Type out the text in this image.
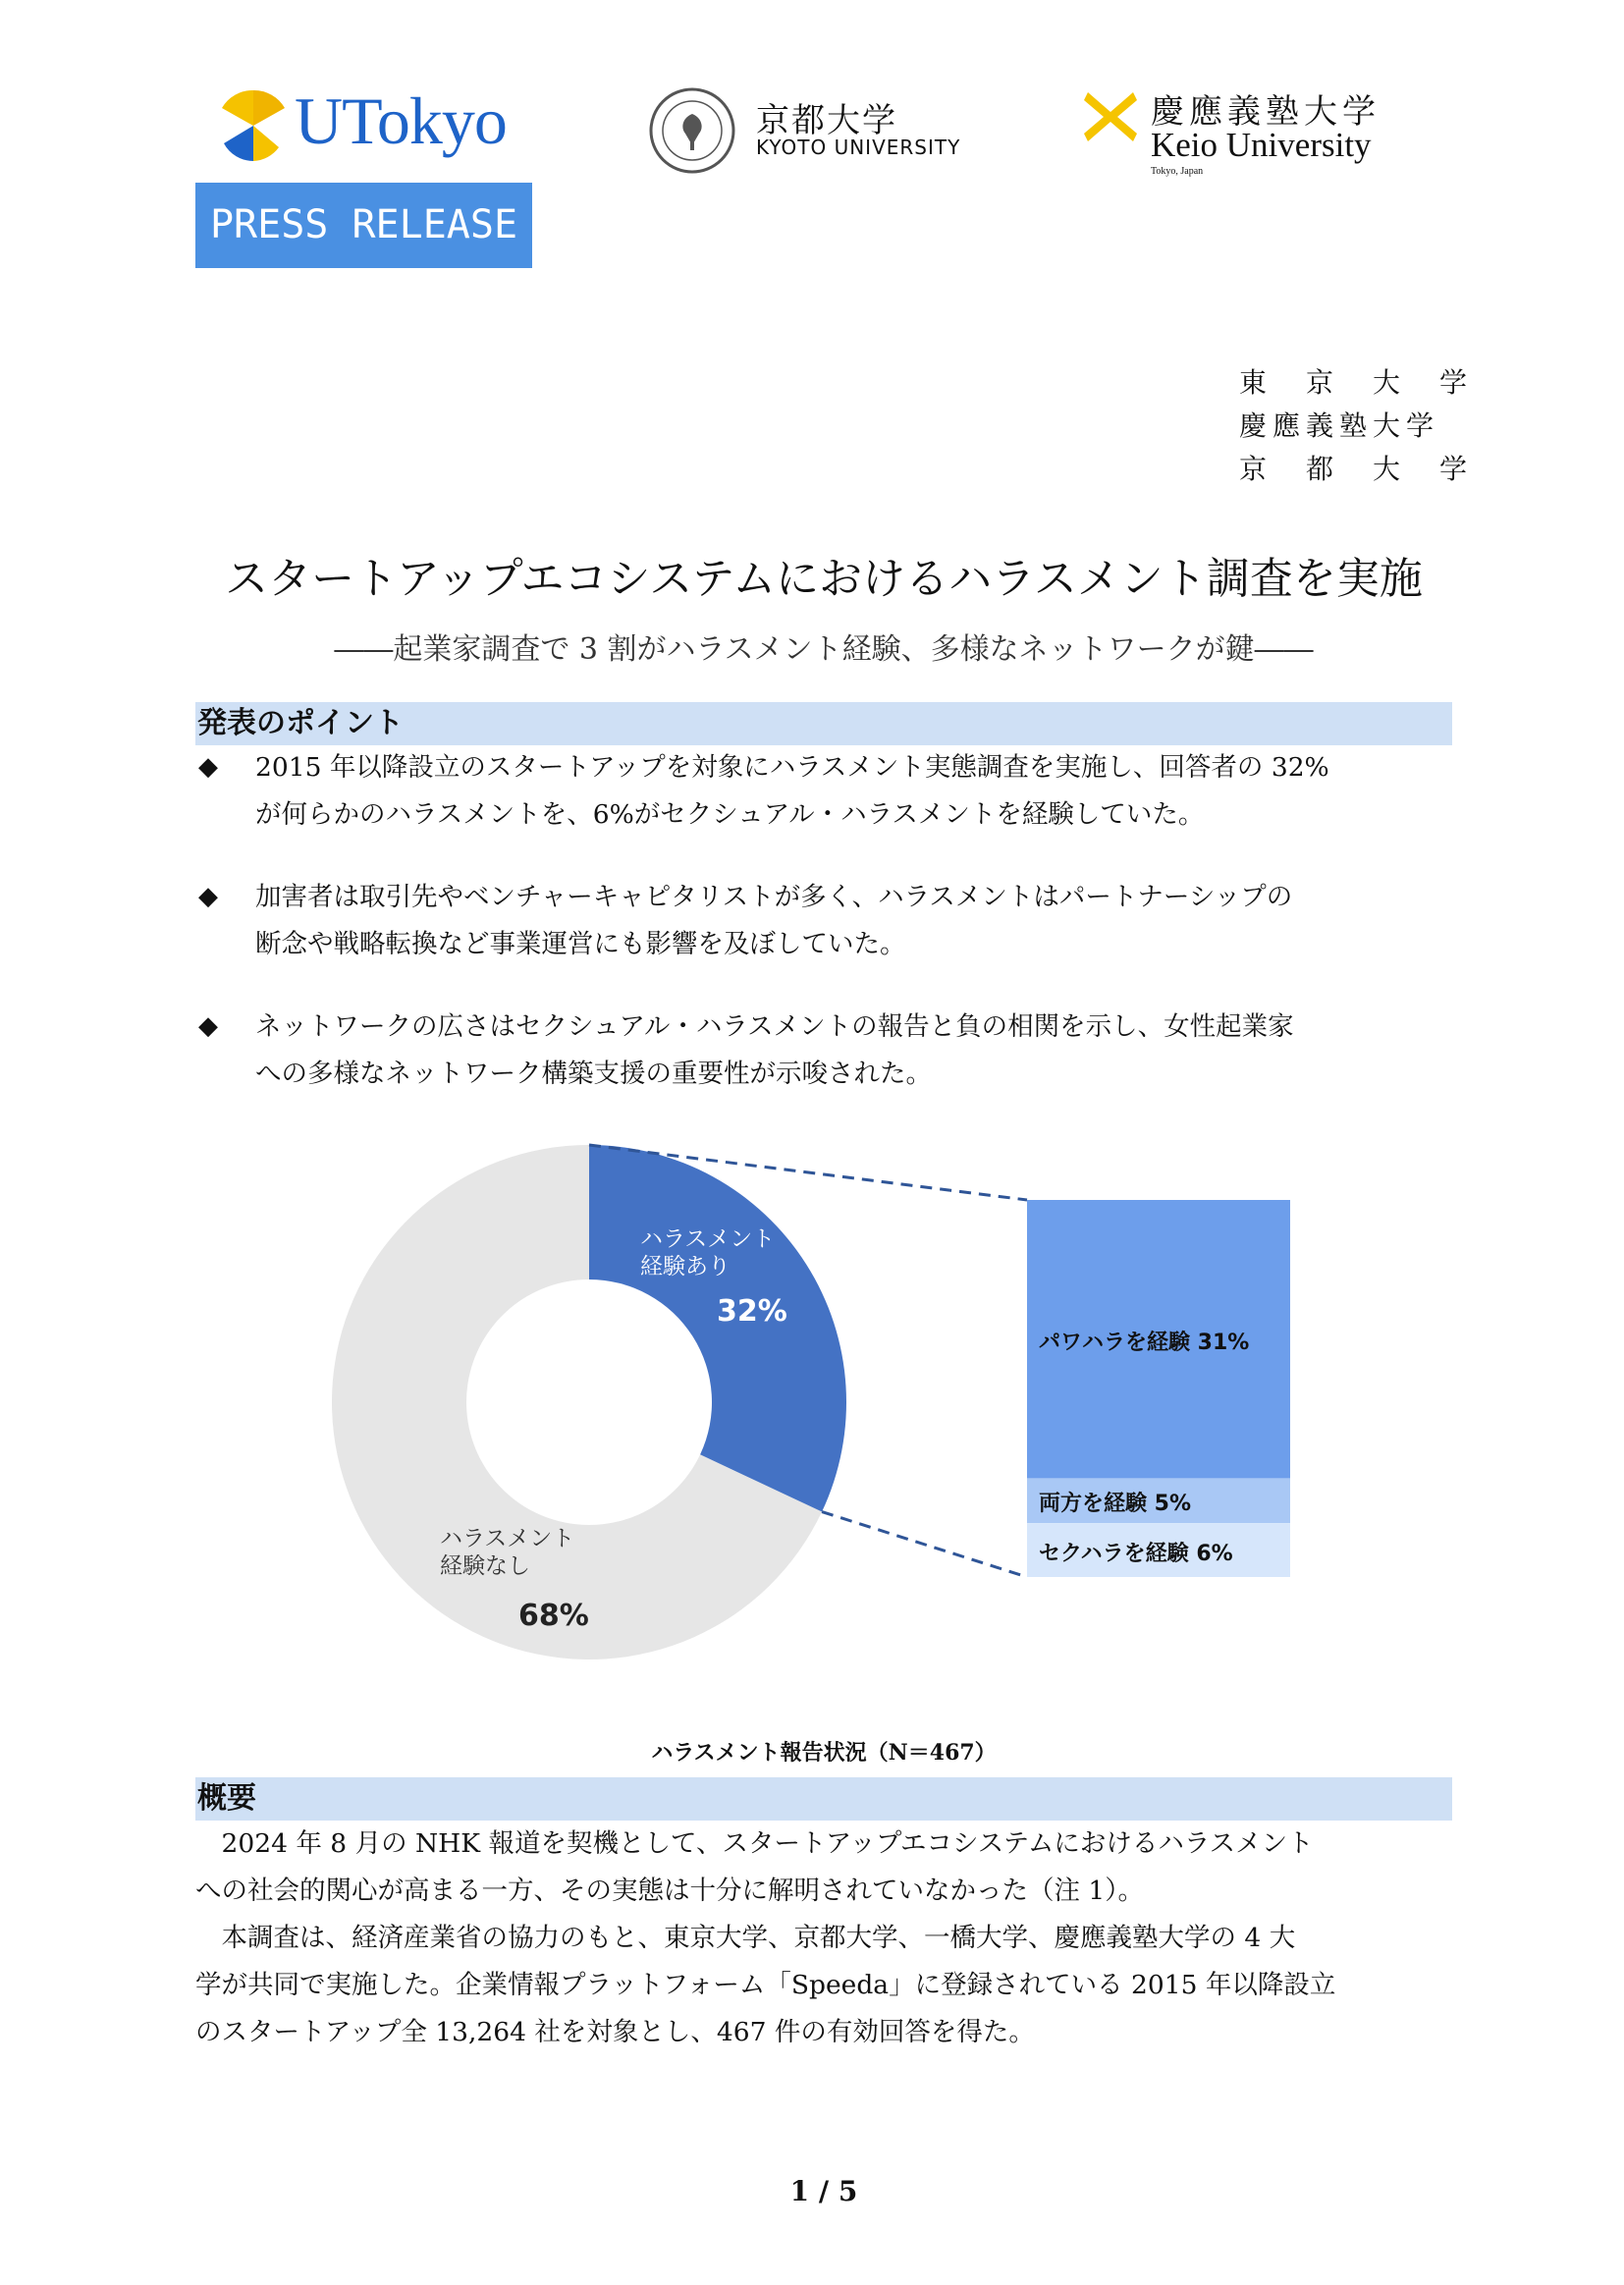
UTokyo
PRESS RELEASE
京都大学
KYOTO UNIVERSITY
慶應義塾大学
Keio University
Tokyo, Japan
東　京　大　学
慶應義塾大学
京　都　大　学
スタートアップエコシステムにおけるハラスメント調査を実施
――起業家調査で 3 割がハラスメント経験、多様なネットワークが鍵――
発表のポイント
◆ 2015 年以降設立のスタートアップを対象にハラスメント実態調査を実施し、回答者の 32%
が何らかのハラスメントを、6%がセクシュアル・ハラスメントを経験していた。
◆ 加害者は取引先やベンチャーキャピタリストが多く、ハラスメントはパートナーシップの
断念や戦略転換など事業運営にも影響を及ぼしていた。
◆ ネットワークの広さはセクシュアル・ハラスメントの報告と負の相関を示し、女性起業家
への多様なネットワーク構築支援の重要性が示唆された。
ハラスメント
経験あり
32%
ハラスメント
経験なし
68%
パワハラを経験 31%
両方を経験 5%
セクハラを経験 6%
ハラスメント報告状況（N＝467）
概要
　2024 年 8 月の NHK 報道を契機として、スタートアップエコシステムにおけるハラスメント
への社会的関心が高まる一方、その実態は十分に解明されていなかった（注 1）。
　本調査は、経済産業省の協力のもと、東京大学、京都大学、一橋大学、慶應義塾大学の 4 大
学が共同で実施した。企業情報プラットフォーム「Speeda」に登録されている 2015 年以降設立
のスタートアップ全 13,264 社を対象とし、467 件の有効回答を得た。
1 / 5
